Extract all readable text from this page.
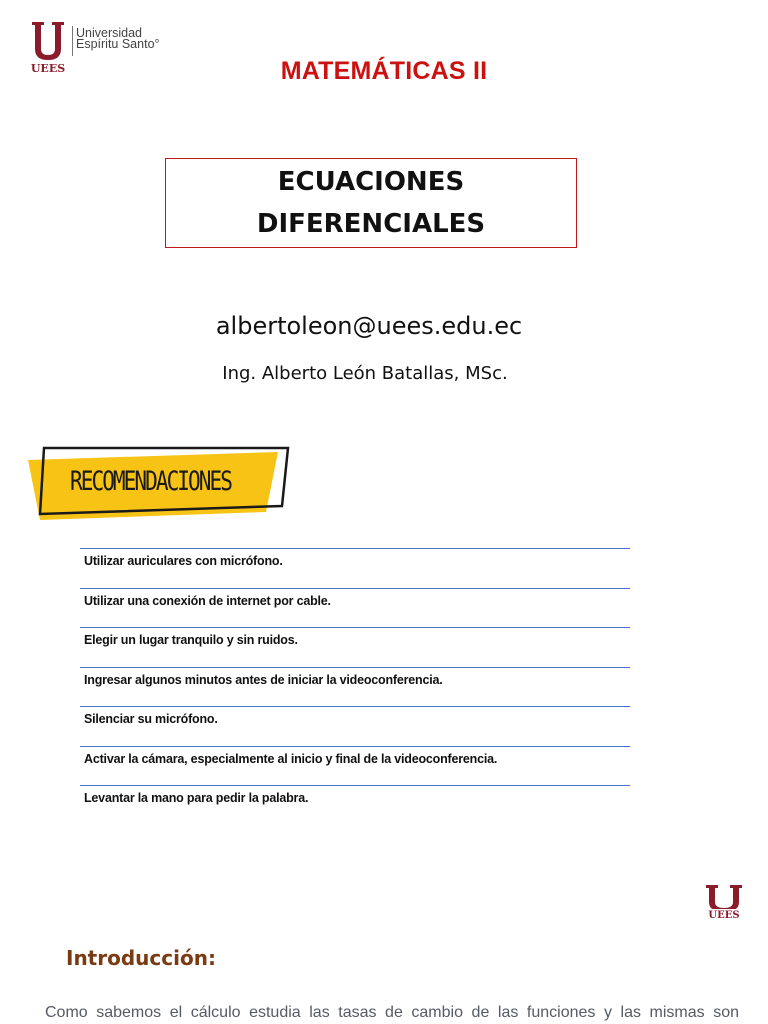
UEES
Universidad
Espíritu Santo°
MATEMÁTICAS II
ECUACIONES
DIFERENCIALES
albertoleon@uees.edu.ec
Ing. Alberto León Batallas, MSc.
RECOMENDACIONES
Utilizar auriculares con micrófono.
Utilizar una conexión de internet por cable.
Elegir un lugar tranquilo y sin ruidos.
Ingresar algunos minutos antes de iniciar la videoconferencia.
Silenciar su micrófono.
Activar la cámara, especialmente al inicio y final de la videoconferencia.
Levantar la mano para pedir la palabra.
UEES
Introducción:
Como sabemos el cálculo estudia las tasas de cambio de las funciones y las mismas son
